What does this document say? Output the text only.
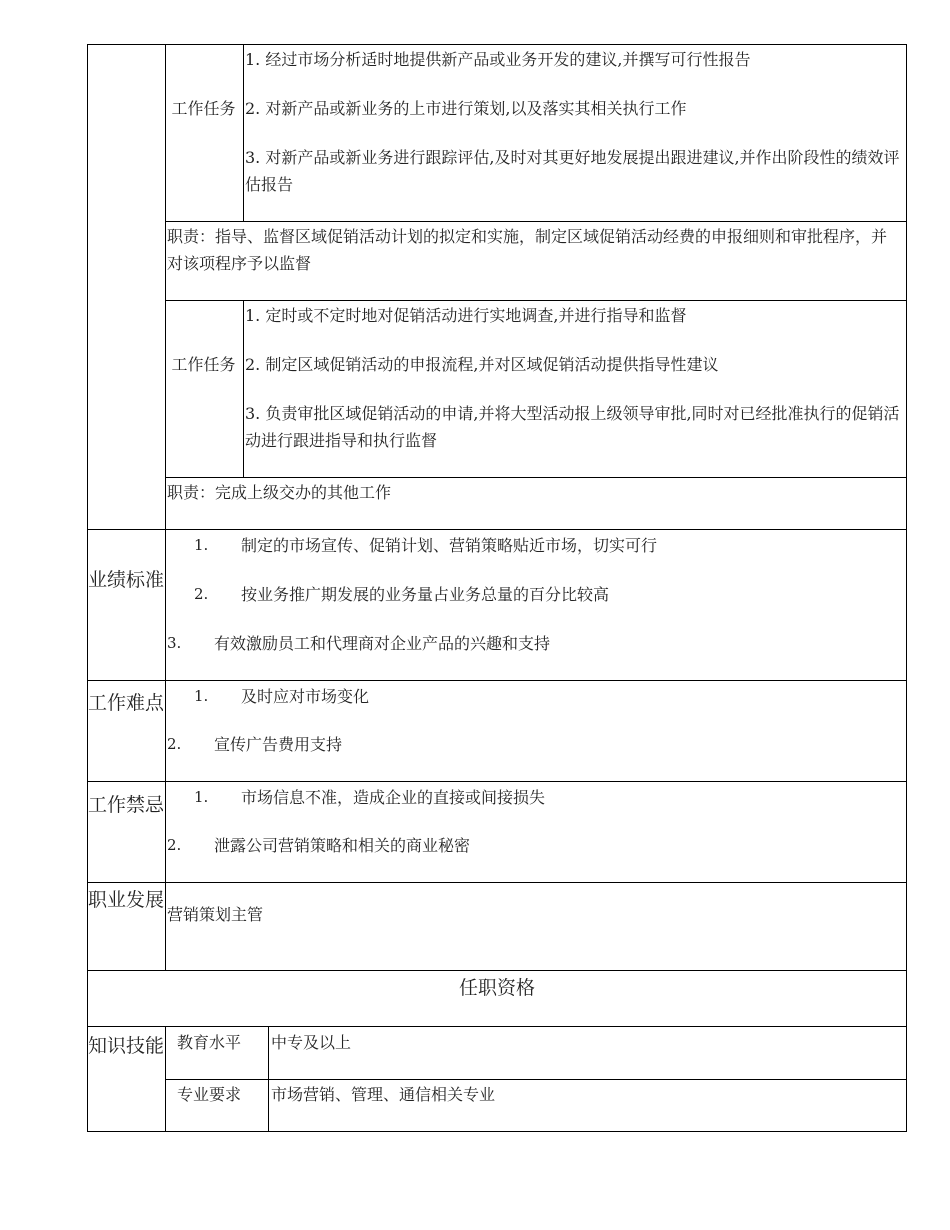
工作任务
1. 经过市场分析适时地提供新产品或业务开发的建议,并撰写可行性报告
2. 对新产品或新业务的上市进行策划,以及落实其相关执行工作
3. 对新产品或新业务进行跟踪评估,及时对其更好地发展提出跟进建议,并作出阶段性的绩效评估报告
职责：指导、监督区域促销活动计划的拟定和实施，制定区域促销活动经费的申报细则和审批程序，并对该项程序予以监督
工作任务
1. 定时或不定时地对促销活动进行实地调查,并进行指导和监督
2. 制定区域促销活动的申报流程,并对区域促销活动提供指导性建议
3. 负责审批区域促销活动的申请,并将大型活动报上级领导审批,同时对已经批准执行的促销活动进行跟进指导和执行监督
职责：完成上级交办的其他工作
业绩标准
1. 制定的市场宣传、促销计划、营销策略贴近市场，切实可行
2. 按业务推广期发展的业务量占业务总量的百分比较高
3. 有效激励员工和代理商对企业产品的兴趣和支持
工作难点 1. 及时应对市场变化
2. 宣传广告费用支持
工作禁忌 1. 市场信息不准，造成企业的直接或间接损失
2. 泄露公司营销策略和相关的商业秘密
职业发展
营销策划主管
任职资格
知识技能 教育水平 中专及以上
专业要求 市场营销、管理、通信相关专业
